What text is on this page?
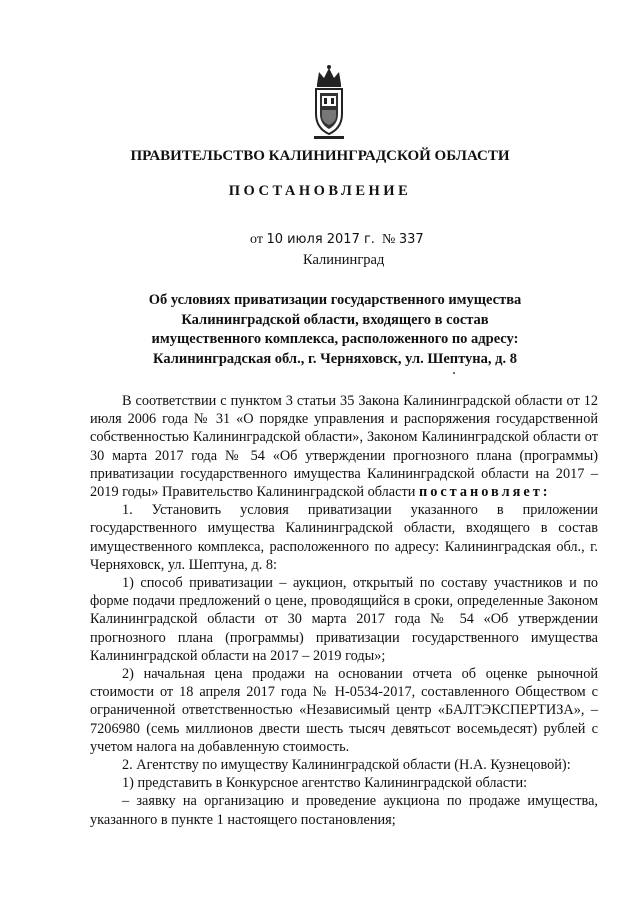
ПРАВИТЕЛЬСТВО КАЛИНИНГРАДСКОЙ ОБЛАСТИ
ПОСТАНОВЛЕНИЕ
от 10 июля 2017 г. № 337
Калининград
Об условиях приватизации государственного имущества Калининградской области, входящего в состав имущественного комплекса, расположенного по адресу: Калининградская обл., г. Черняховск, ул. Шептуна, д. 8

В соответствии с пунктом 3 статьи 35 Закона Калининградской области от 12 июля 2006 года № 31 «О порядке управления и распоряжения государственной собственностью Калининградской области», Законом Калининградской области от 30 марта 2017 года № 54 «Об утверждении прогнозного плана (программы) приватизации государственного имущества Калининградской области на 2017 – 2019 годы» Правительство Калининградской области постановляет:

1. Установить условия приватизации указанного в приложении государственного имущества Калининградской области, входящего в состав имущественного комплекса, расположенного по адресу: Калининградская обл., г. Черняховск, ул. Шептуна, д. 8:

1) способ приватизации – аукцион, открытый по составу участников и по форме подачи предложений о цене, проводящийся в сроки, определенные Законом Калининградской области от 30 марта 2017 года № 54 «Об утверждении прогнозного плана (программы) приватизации государственного имущества Калининградской области на 2017 – 2019 годы»;

2) начальная цена продажи на основании отчета об оценке рыночной стоимости от 18 апреля 2017 года № Н-0534-2017, составленного Обществом с ограниченной ответственностью «Независимый центр «БАЛТЭКСПЕРТИЗА», – 7206980 (семь миллионов двести шесть тысяч девятьсот восемьдесят) рублей с учетом налога на добавленную стоимость.

2. Агентству по имуществу Калининградской области (Н.А. Кузнецовой):

1) представить в Конкурсное агентство Калининградской области:

– заявку на организацию и проведение аукциона по продаже имущества, указанного в пункте 1 настоящего постановления;
